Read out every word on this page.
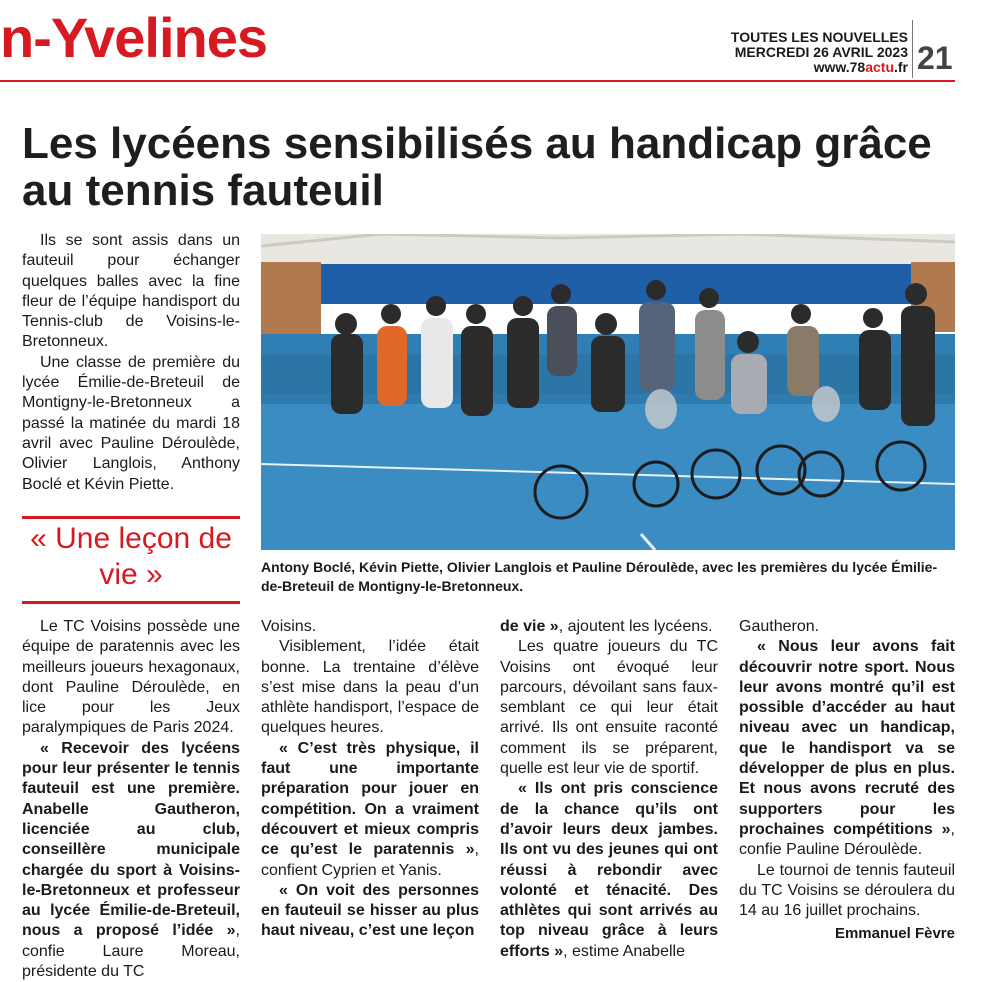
n-Yvelines	TOUTES LES NOUVELLES
MERCREDI 26 AVRIL 2023
www.78actu.fr 21
Les lycéens sensibilisés au handicap grâce au tennis fauteuil

Ils se sont assis dans un fauteuil pour échanger quelques balles avec la fine fleur de l’équipe handisport du Tennis-club de Voisins-le-Bretonneux.

Une classe de première du lycée Émilie-de-Breteuil de Montigny-le-Bretonneux a passé la matinée du mardi 18 avril avec Pauline Déroulède, Olivier Langlois, Anthony Boclé et Kévin Piette.

« Une leçon de vie »	Antony Boclé, Kévin Piette, Olivier Langlois et Pauline Déroulède, avec les premières du lycée Émilie-de-Breteuil de Montigny-le-Bretonneux.

Le TC Voisins possède une équipe de paratennis avec les meilleurs joueurs hexagonaux, dont Pauline Déroulède, en lice pour les Jeux paralympiques de Paris 2024.

« Recevoir des lycéens pour leur présenter le tennis fauteuil est une première. Anabelle Gautheron, licenciée au club, conseillère municipale chargée du sport à Voisins-le-Bretonneux et professeur au lycée Émilie-de-Breteuil, nous a proposé l’idée », confie Laure Moreau, présidente du TC

Voisins.

Visiblement, l’idée était bonne. La trentaine d’élève s’est mise dans la peau d’un athlète handisport, l’espace de quelques heures.

« C’est très physique, il faut une importante préparation pour jouer en compétition. On a vraiment découvert et mieux compris ce qu’est le paratennis », confient Cyprien et Yanis.

« On voit des personnes en fauteuil se hisser au plus haut niveau, c’est une leçon

de vie », ajoutent les lycéens.

Les quatre joueurs du TC Voisins ont évoqué leur parcours, dévoilant sans faux-semblant ce qui leur était arrivé. Ils ont ensuite raconté comment ils se préparent, quelle est leur vie de sportif.

« Ils ont pris conscience de la chance qu’ils ont d’avoir leurs deux jambes. Ils ont vu des jeunes qui ont réussi à rebondir avec volonté et ténacité. Des athlètes qui sont arrivés au top niveau grâce à leurs efforts », estime Anabelle

Gautheron.

« Nous leur avons fait découvrir notre sport. Nous leur avons montré qu’il est possible d’accéder au haut niveau avec un handicap, que le handisport va se développer de plus en plus. Et nous avons recruté des supporters pour les prochaines compétitions », confie Pauline Déroulède.

Le tournoi de tennis fauteuil du TC Voisins se déroulera du 14 au 16 juillet prochains.

Emmanuel Fèvre
